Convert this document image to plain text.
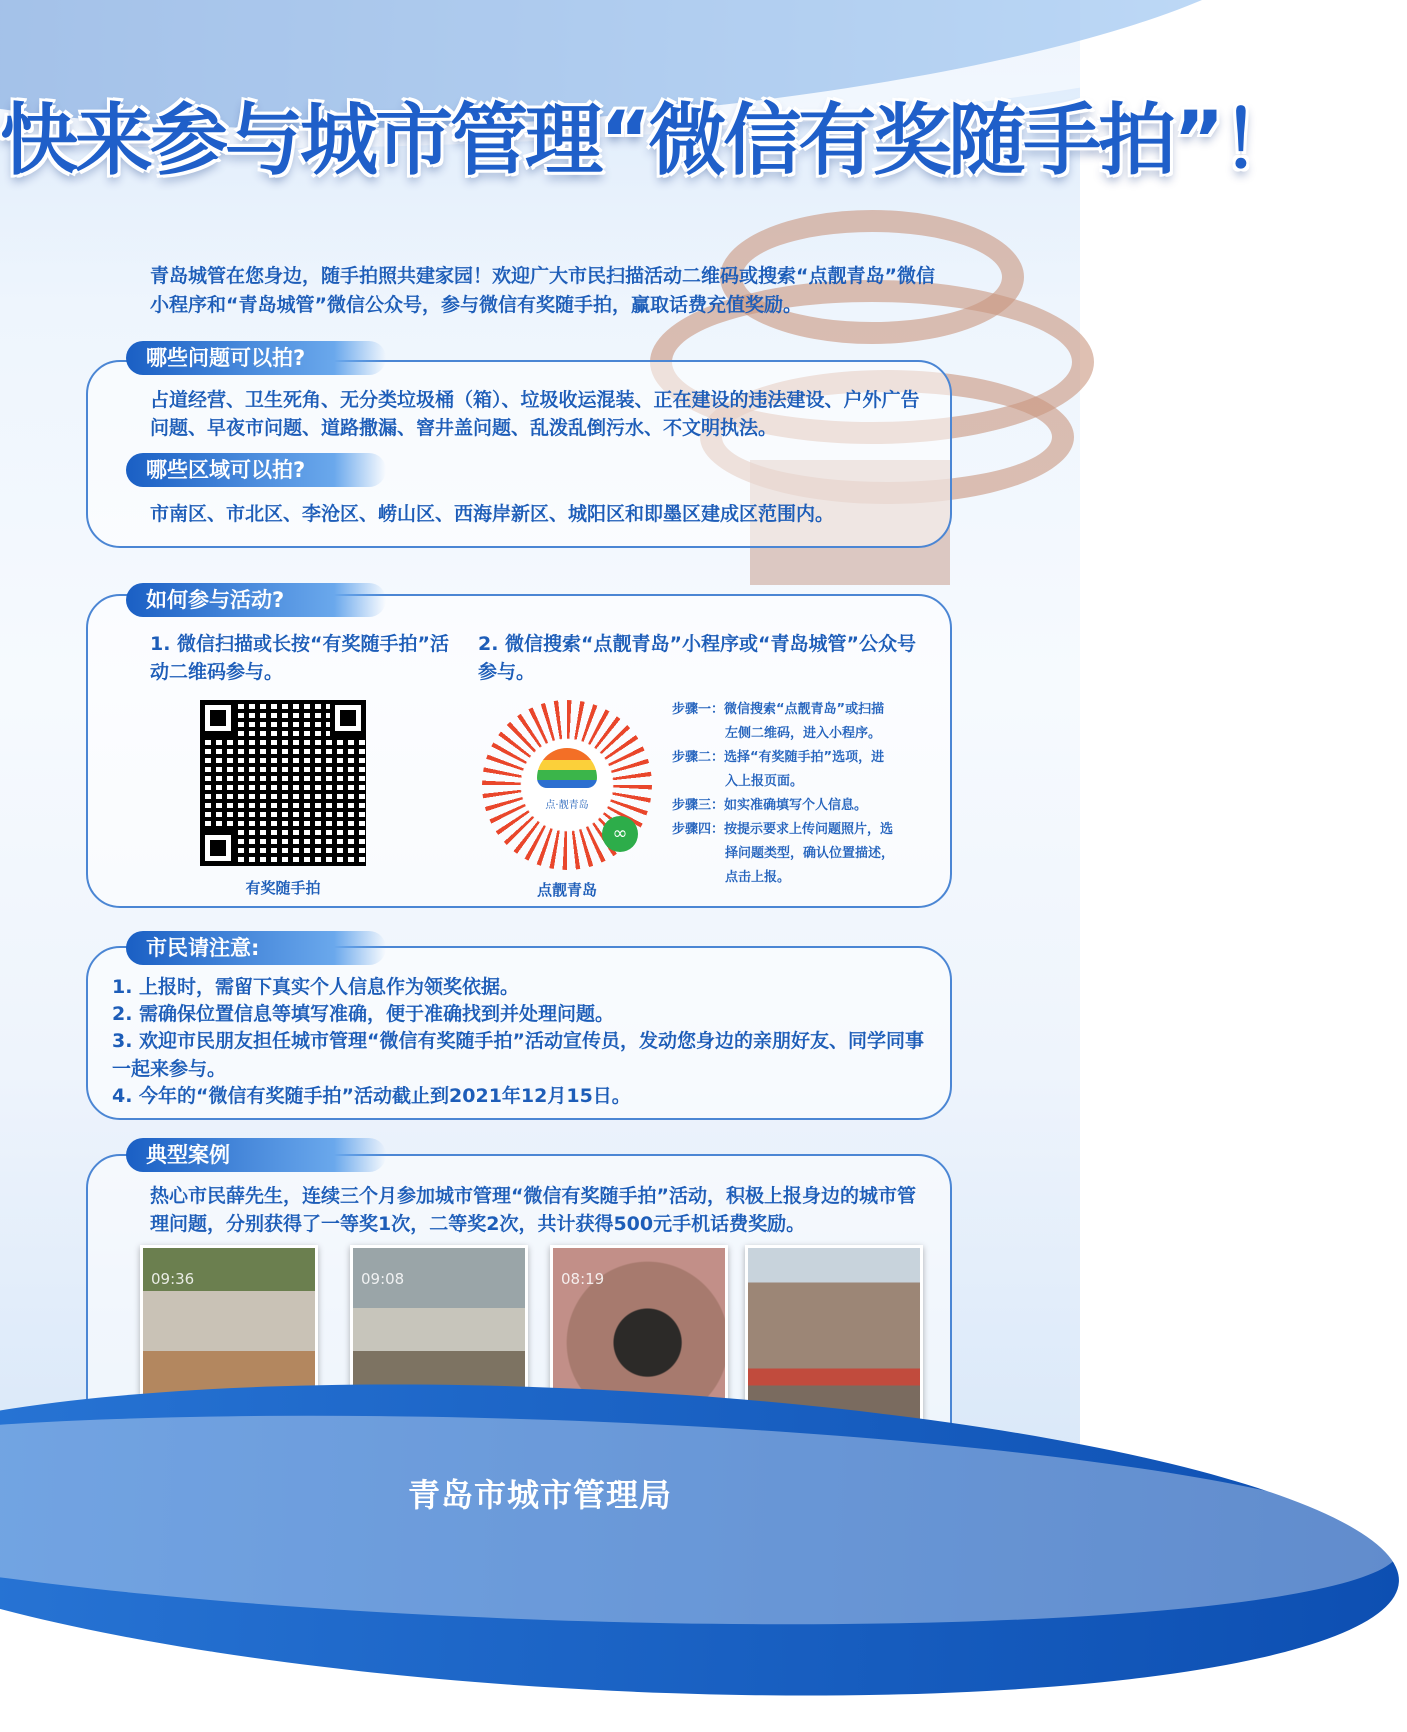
快来参与城市管理“微信有奖随手拍”！
青岛城管在您身边，随手拍照共建家园！欢迎广大市民扫描活动二维码或搜索“点靓青岛”微信小程序和“青岛城管”微信公众号，参与微信有奖随手拍，赢取话费充值奖励。
哪些问题可以拍?
占道经营、卫生死角、无分类垃圾桶（箱）、垃圾收运混装、正在建设的违法建设、户外广告问题、早夜市问题、道路撒漏、窨井盖问题、乱泼乱倒污水、不文明执法。
哪些区域可以拍?
市南区、市北区、李沧区、崂山区、西海岸新区、城阳区和即墨区建成区范围内。
如何参与活动?
1. 微信扫描或长按“有奖随手拍”活动二维码参与。
2. 微信搜索“点靓青岛”小程序或“青岛城管”公众号参与。
有奖随手拍
点·靓青岛
∞
点靓青岛
步骤一：微信搜索“点靓青岛”或扫描
左侧二维码，进入小程序。
步骤二：选择“有奖随手拍”选项，进
入上报页面。
步骤三：如实准确填写个人信息。
步骤四：按提示要求上传问题照片，选
择问题类型，确认位置描述，
点击上报。
市民请注意:
1. 上报时，需留下真实个人信息作为领奖依据。
2. 需确保位置信息等填写准确，便于准确找到并处理问题。
3. 欢迎市民朋友担任城市管理“微信有奖随手拍”活动宣传员，发动您身边的亲朋好友、同学同事一起来参与。
4. 今年的“微信有奖随手拍”活动截止到2021年12月15日。
典型案例
热心市民薛先生，连续三个月参加城市管理“微信有奖随手拍”活动，积极上报身边的城市管理问题，分别获得了一等奖1次，二等奖2次，共计获得500元手机话费奖励。
09:36	09:08	08:19
青岛市城市管理局
